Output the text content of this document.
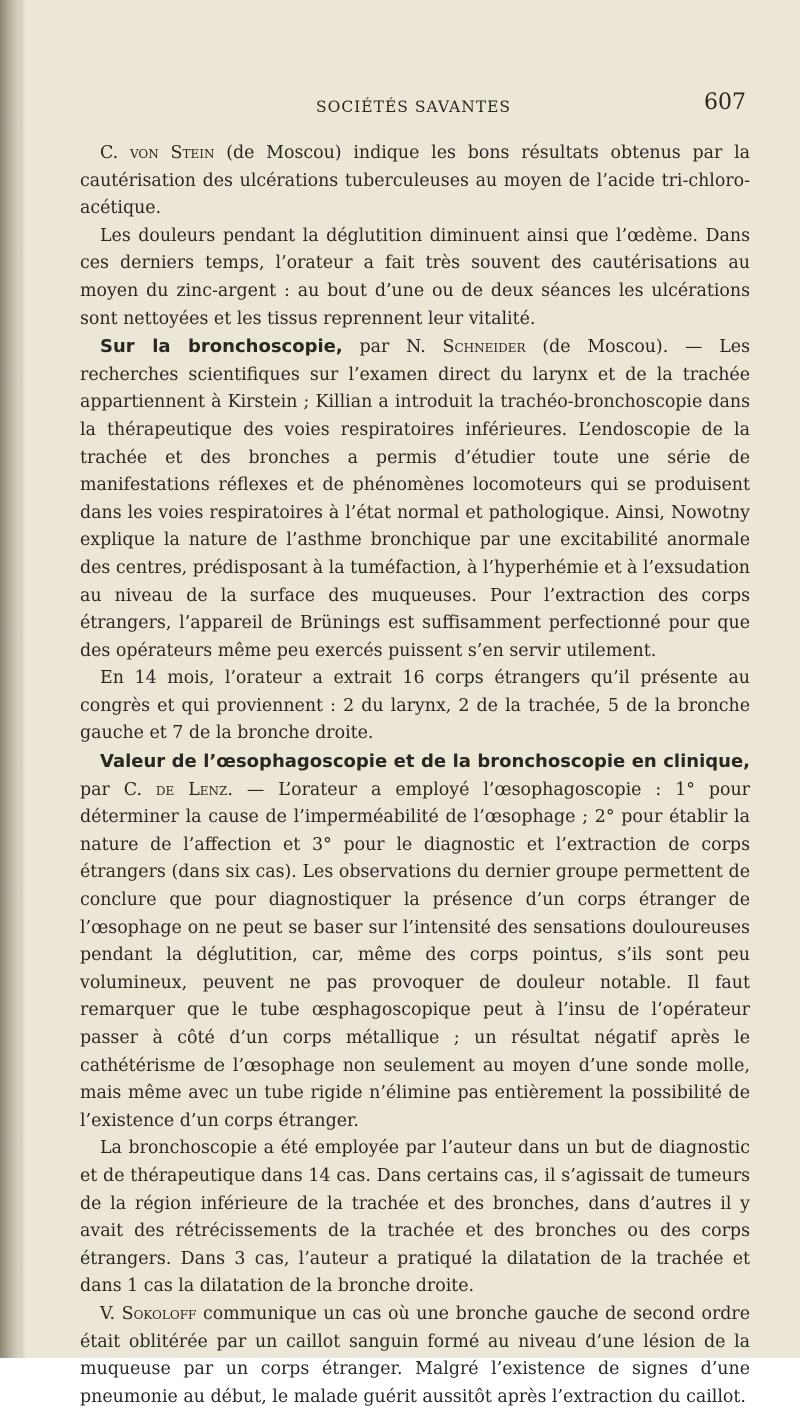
SOCIÉTÉS SAVANTES	607

C. von Stein (de Moscou) indique les bons résultats obtenus par la cautérisation des ulcérations tuberculeuses au moyen de l’acide tri-chloro-acétique.

Les douleurs pendant la déglutition diminuent ainsi que l’œdème. Dans ces derniers temps, l’orateur a fait très souvent des cautérisations au moyen du zinc-argent : au bout d’une ou de deux séances les ulcérations sont nettoyées et les tissus reprennent leur vitalité.

Sur la bronchoscopie, par N. Schneider (de Moscou). — Les recherches scientifiques sur l’examen direct du larynx et de la trachée appartiennent à Kirstein ; Killian a introduit la trachéo-bronchoscopie dans la thérapeutique des voies respiratoires inférieures. L’endoscopie de la trachée et des bronches a permis d’étudier toute une série de manifestations réflexes et de phénomènes locomoteurs qui se produisent dans les voies respiratoires à l’état normal et pathologique. Ainsi, Nowotny explique la nature de l’asthme bronchique par une excitabilité anormale des centres, prédisposant à la tuméfaction, à l’hyperhémie et à l’exsudation au niveau de la surface des muqueuses. Pour l’extraction des corps étrangers, l’appareil de Brünings est suffisamment perfectionné pour que des opérateurs même peu exercés puissent s’en servir utilement.

En 14 mois, l’orateur a extrait 16 corps étrangers qu’il présente au congrès et qui proviennent : 2 du larynx, 2 de la trachée, 5 de la bronche gauche et 7 de la bronche droite.

Valeur de l’œsophagoscopie et de la bronchoscopie en clinique, par C. de Lenz. — L’orateur a employé l’œsophagoscopie : 1° pour déterminer la cause de l’imperméabilité de l’œsophage ; 2° pour établir la nature de l’affection et 3° pour le diagnostic et l’extraction de corps étrangers (dans six cas). Les observations du dernier groupe permettent de conclure que pour diagnostiquer la présence d’un corps étranger de l’œsophage on ne peut se baser sur l’intensité des sensations douloureuses pendant la déglutition, car, même des corps pointus, s’ils sont peu volumineux, peuvent ne pas provoquer de douleur notable. Il faut remarquer que le tube œsphagoscopique peut à l’insu de l’opérateur passer à côté d’un corps métallique ; un résultat négatif après le cathétérisme de l’œsophage non seulement au moyen d’une sonde molle, mais même avec un tube rigide n’élimine pas entièrement la possibilité de l’existence d’un corps étranger.

La bronchoscopie a été employée par l’auteur dans un but de diagnostic et de thérapeutique dans 14 cas. Dans certains cas, il s’agissait de tumeurs de la région inférieure de la trachée et des bronches, dans d’autres il y avait des rétrécissements de la trachée et des bronches ou des corps étrangers. Dans 3 cas, l’auteur a pratiqué la dilatation de la trachée et dans 1 cas la dilatation de la bronche droite.

V. Sokoloff communique un cas où une bronche gauche de second ordre était oblitérée par un caillot sanguin formé au niveau d’une lésion de la muqueuse par un corps étranger. Malgré l’existence de signes d’une pneumonie au début, le malade guérit aussitôt après l’extraction du caillot.
